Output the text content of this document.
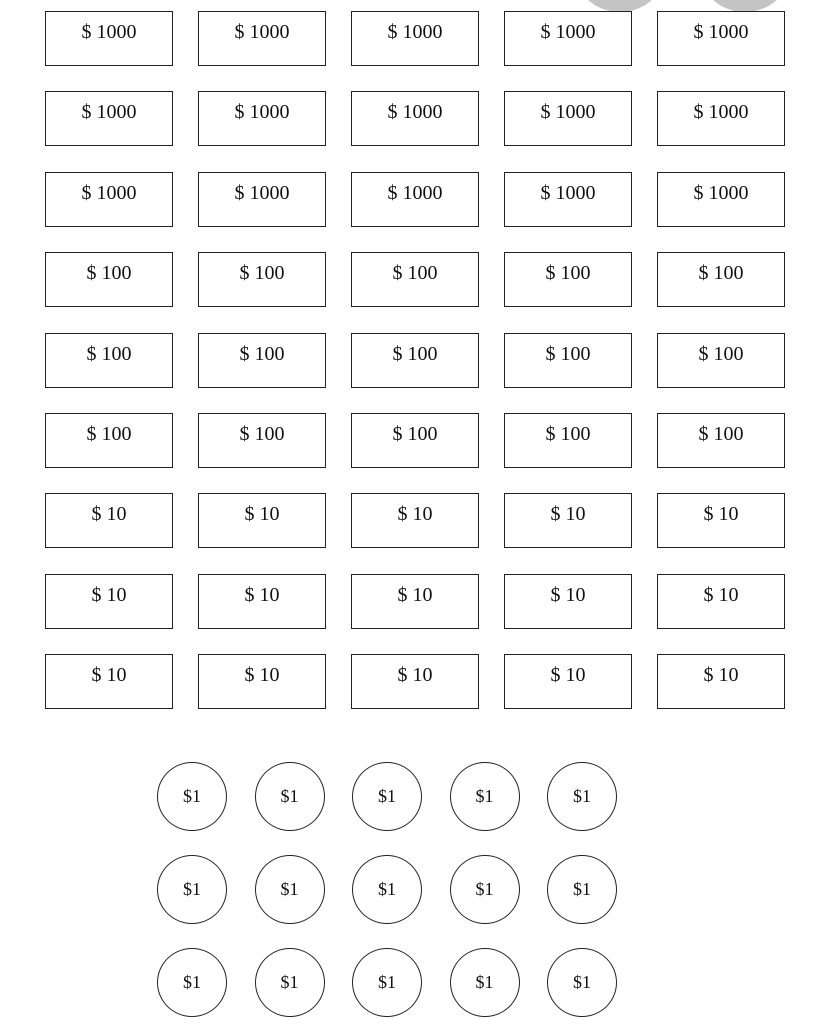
$ 1000	$ 1000	$ 1000	$ 1000	$ 1000
$ 1000	$ 1000	$ 1000	$ 1000	$ 1000
$ 1000	$ 1000	$ 1000	$ 1000	$ 1000
$ 100	$ 100	$ 100	$ 100	$ 100
$ 100	$ 100	$ 100	$ 100	$ 100
$ 100	$ 100	$ 100	$ 100	$ 100
$ 10	$ 10	$ 10	$ 10	$ 10
$ 10	$ 10	$ 10	$ 10	$ 10
$ 10	$ 10	$ 10	$ 10	$ 10
$1	$1	$1	$1	$1
$1	$1	$1	$1	$1
$1	$1	$1	$1	$1
